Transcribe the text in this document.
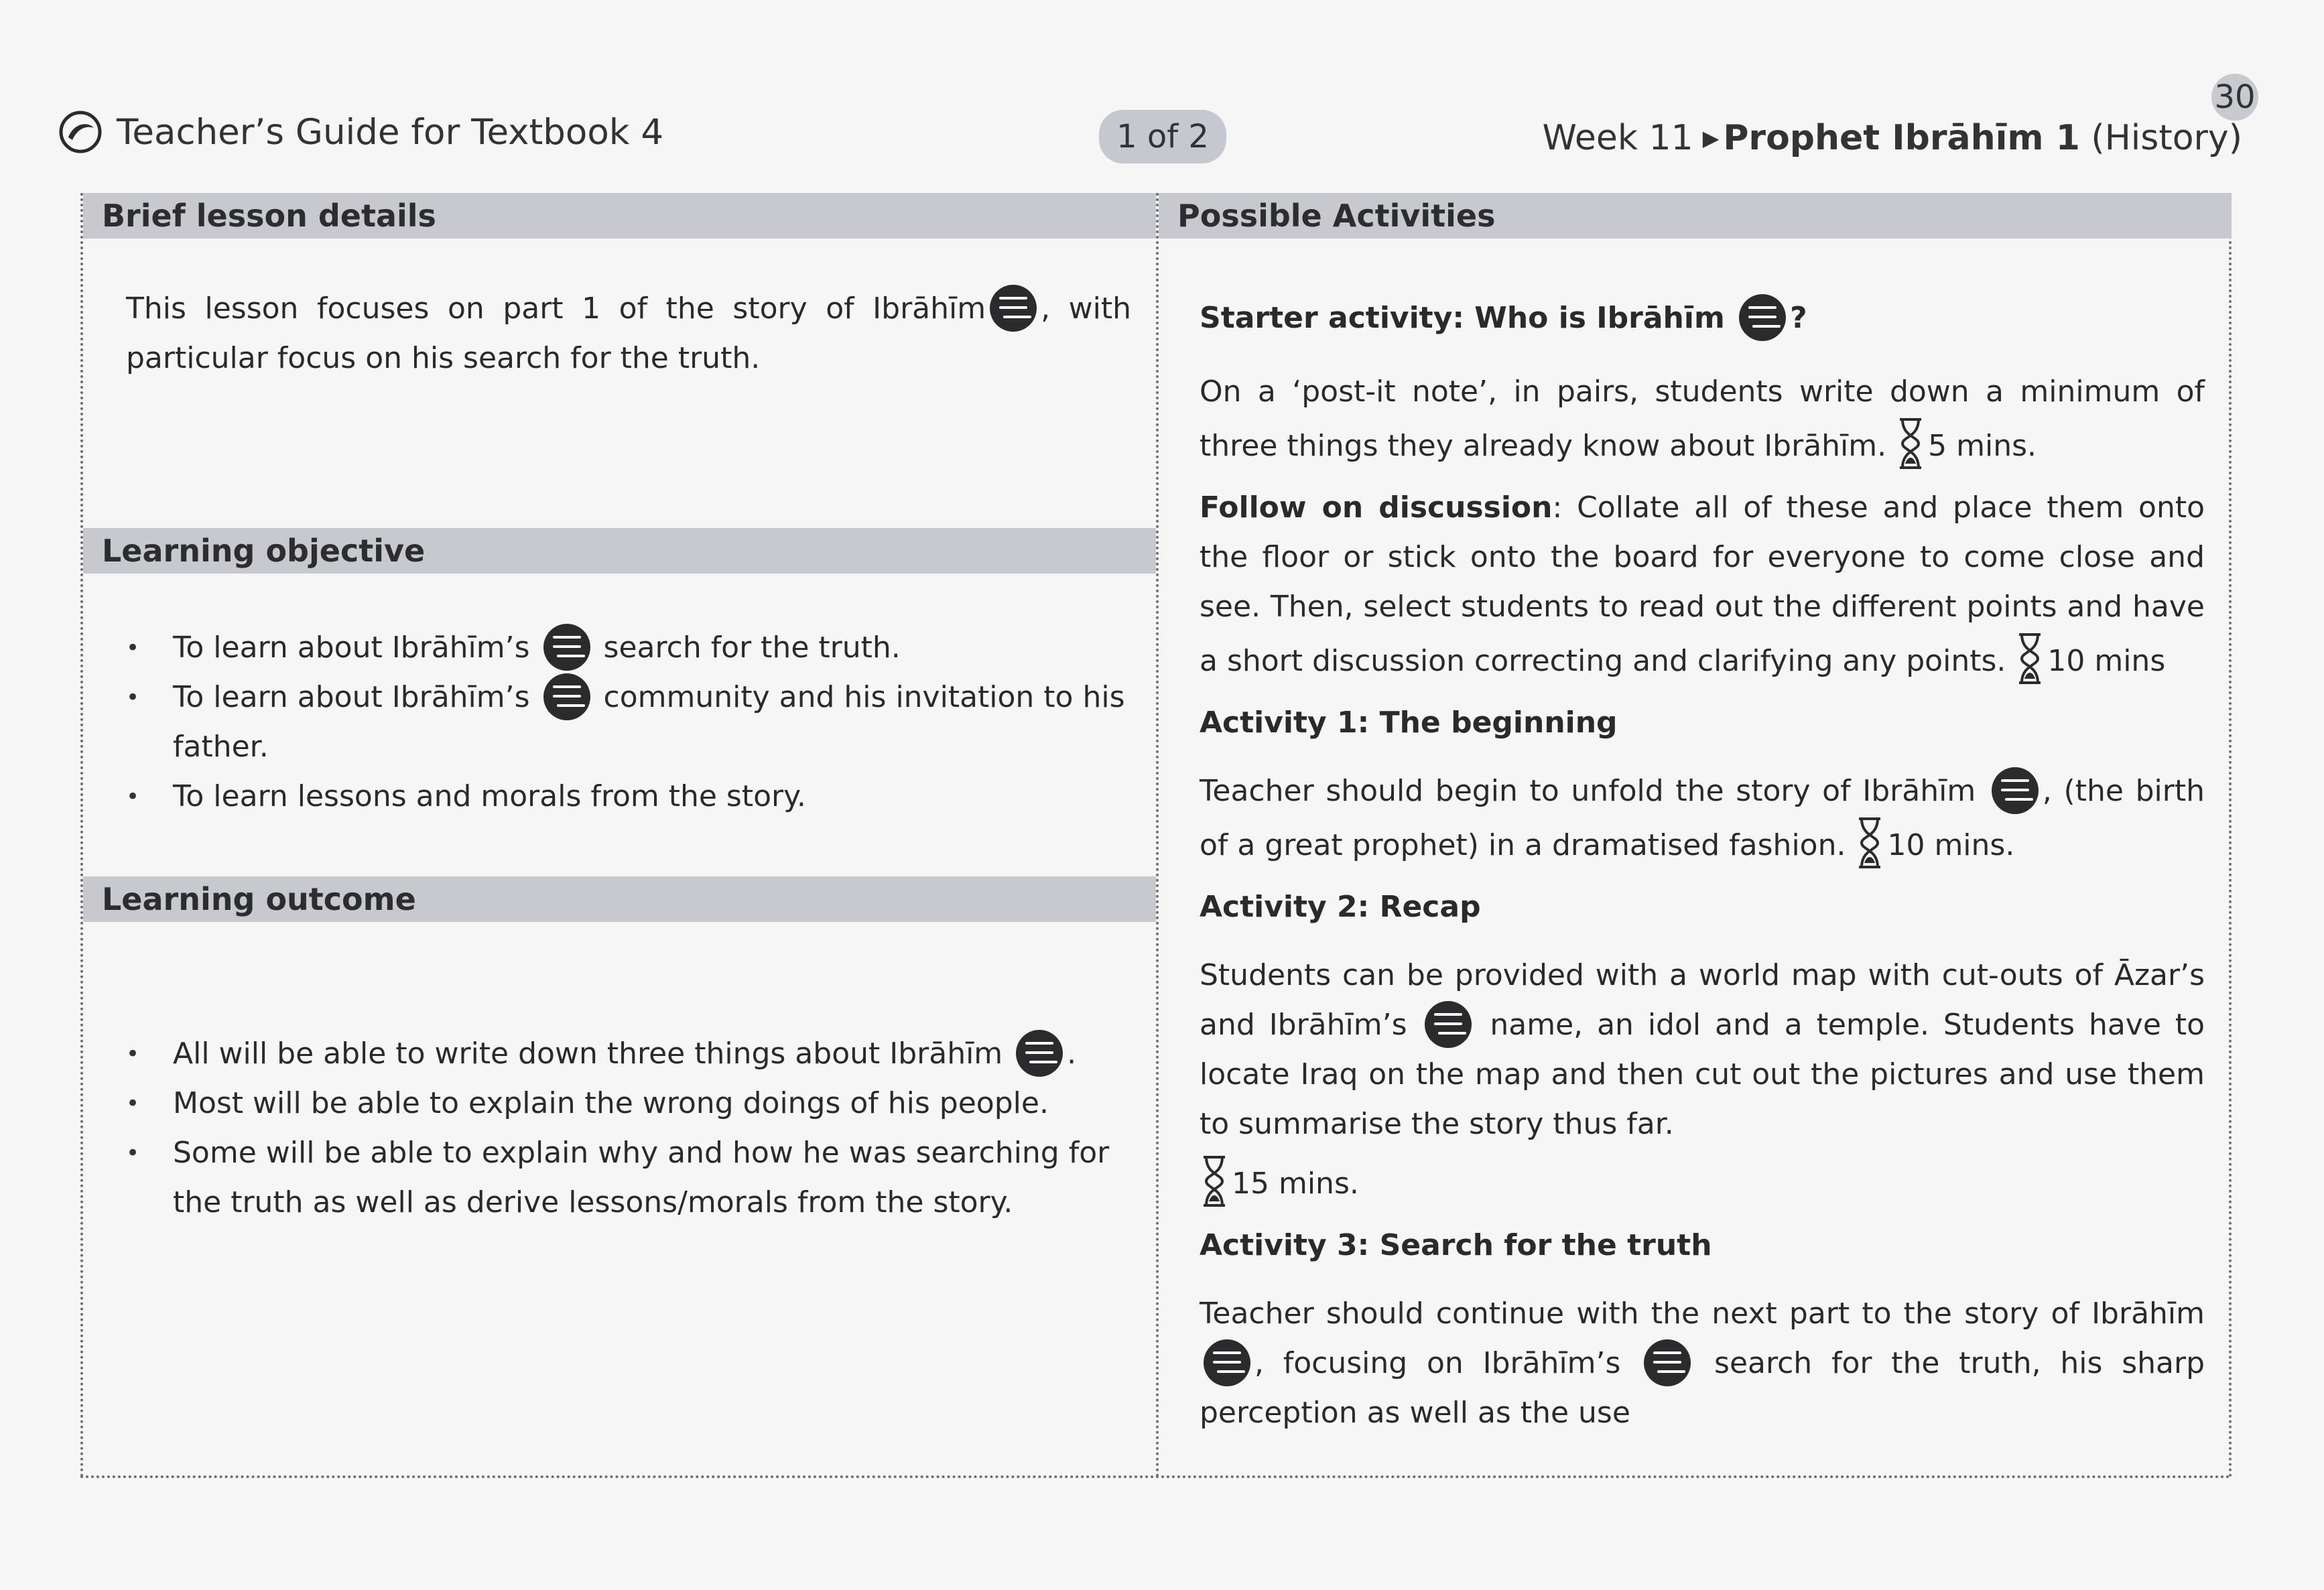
30
Teacher’s Guide for Textbook 4	1 of 2	Week 11 ▶ Prophet Ibrāhīm 1 (History)
Brief lesson details

This lesson focuses on part 1 of the story of Ibrāhīm , with particular focus on his search for the truth.

Learning objective
• To learn about Ibrāhīm’s	search for the truth.
• To learn about Ibrāhīm’s	community and his invitation to his father.
• To learn lessons and morals from the story.
Learning outcome
• All will be able to write down three things about Ibrāhīm .
• Most will be able to explain the wrong doings of his people.
• Some will be able to explain why and how he was searching for the truth as well as derive lessons/morals from the story.
Possible Activities

Starter activity: Who is Ibrāhīm ?

On a ‘post-it note’, in pairs, students write down a minimum of three things they already know about Ibrāhīm. 5 mins.

Follow on discussion: Collate all of these and place them onto the floor or stick onto the board for everyone to come close and see. Then, select students to read out the different points and have a short discussion correcting and clarifying any points. 10 mins

Activity 1: The beginning

Teacher should begin to unfold the story of Ibrāhīm , (the birth of a great prophet) in a dramatised fashion. 10 mins.

Activity 2: Recap

Students can be provided with a world map with cut-outs of Āzar’s and Ibrāhīm’s	name, an idol and a temple. Students have to locate Iraq on the map and then cut out the pictures and use them to summarise the story thus far.

15 mins.

Activity 3: Search for the truth

Teacher should continue with the next part to the story of Ibrāhīm , focusing on Ibrāhīm’s	search for the truth, his sharp perception as well as the use
